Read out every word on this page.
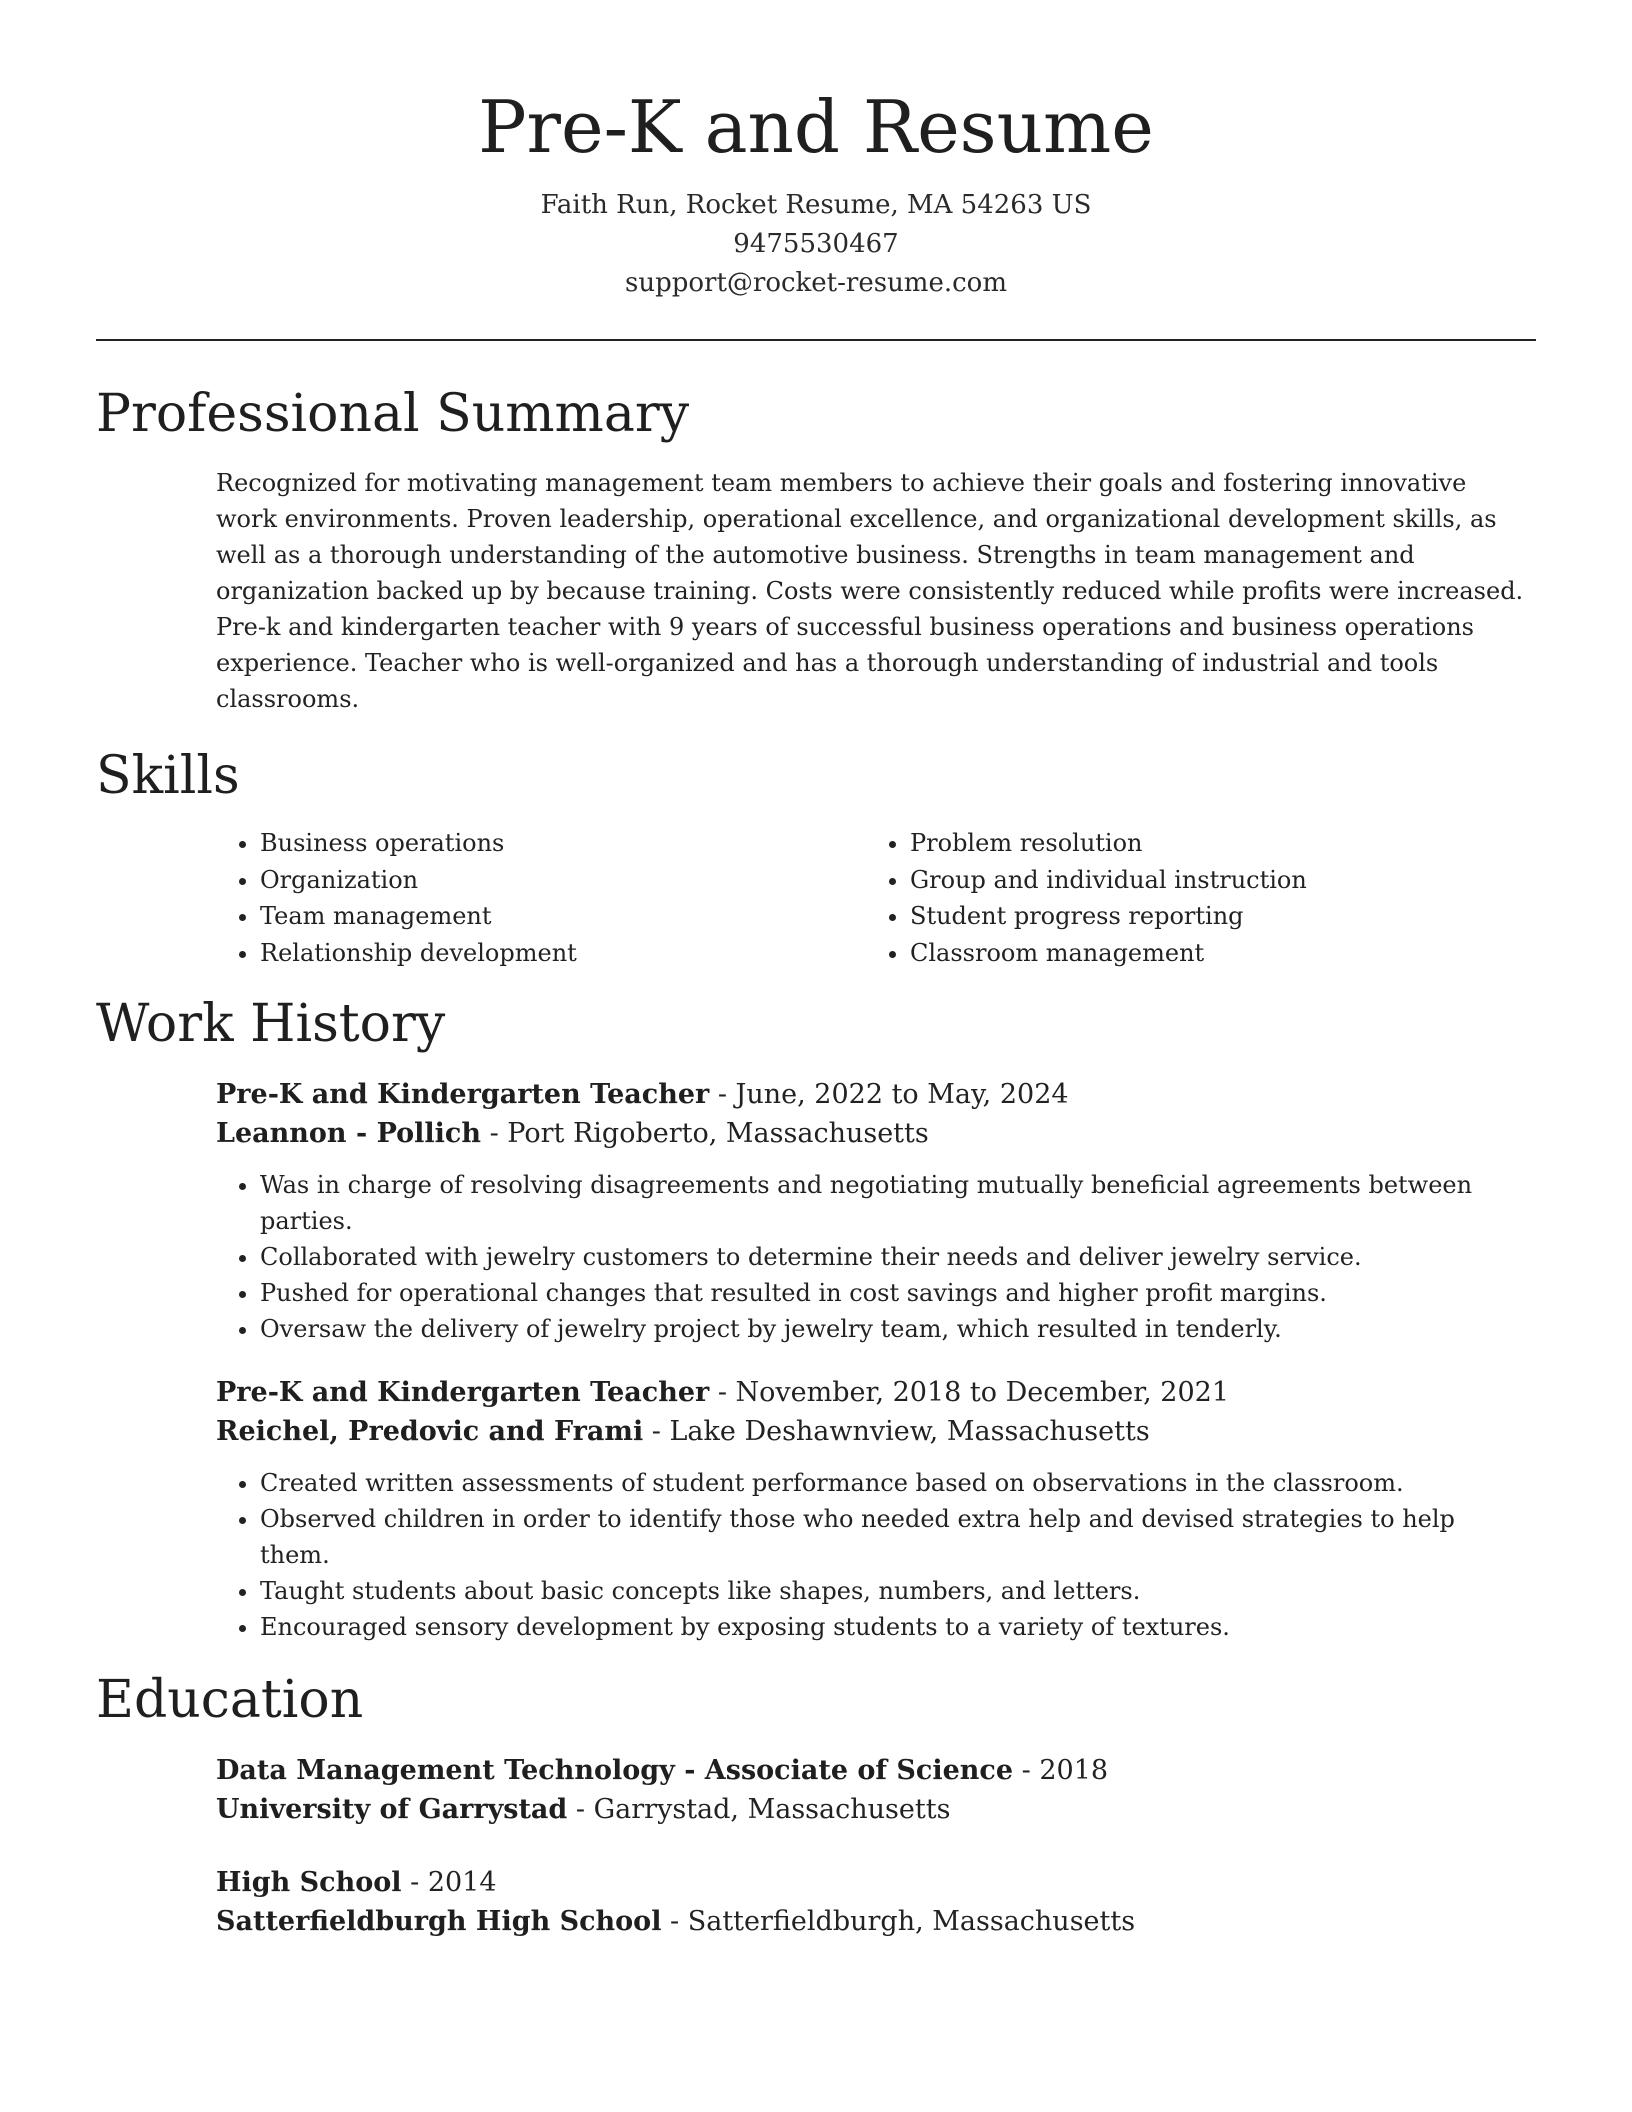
Pre-K and Resume
Faith Run, Rocket Resume, MA 54263 US
9475530467
support@rocket-resume.com
Professional Summary

Recognized for motivating management team members to achieve their goals and fostering innovative work environments. Proven leadership, operational excellence, and organizational development skills, as well as a thorough understanding of the automotive business. Strengths in team management and organization backed up by because training. Costs were consistently reduced while profits were increased. Pre-k and kindergarten teacher with 9 years of successful business operations and business operations experience. Teacher who is well-organized and has a thorough understanding of industrial and tools classrooms.

Skills
• Business operations
• Organization
• Team management
• Relationship development
• Problem resolution
• Group and individual instruction
• Student progress reporting
• Classroom management
Work History
Pre-K and Kindergarten Teacher - June, 2022 to May, 2024
Leannon - Pollich - Port Rigoberto, Massachusetts
• Was in charge of resolving disagreements and negotiating mutually beneficial agreements between parties.
• Collaborated with jewelry customers to determine their needs and deliver jewelry service.
• Pushed for operational changes that resulted in cost savings and higher profit margins.
• Oversaw the delivery of jewelry project by jewelry team, which resulted in tenderly.
Pre-K and Kindergarten Teacher - November, 2018 to December, 2021
Reichel, Predovic and Frami - Lake Deshawnview, Massachusetts
• Created written assessments of student performance based on observations in the classroom.
• Observed children in order to identify those who needed extra help and devised strategies to help them.
• Taught students about basic concepts like shapes, numbers, and letters.
• Encouraged sensory development by exposing students to a variety of textures.
Education
Data Management Technology - Associate of Science - 2018
University of Garrystad - Garrystad, Massachusetts
High School - 2014
Satterfieldburgh High School - Satterfieldburgh, Massachusetts
